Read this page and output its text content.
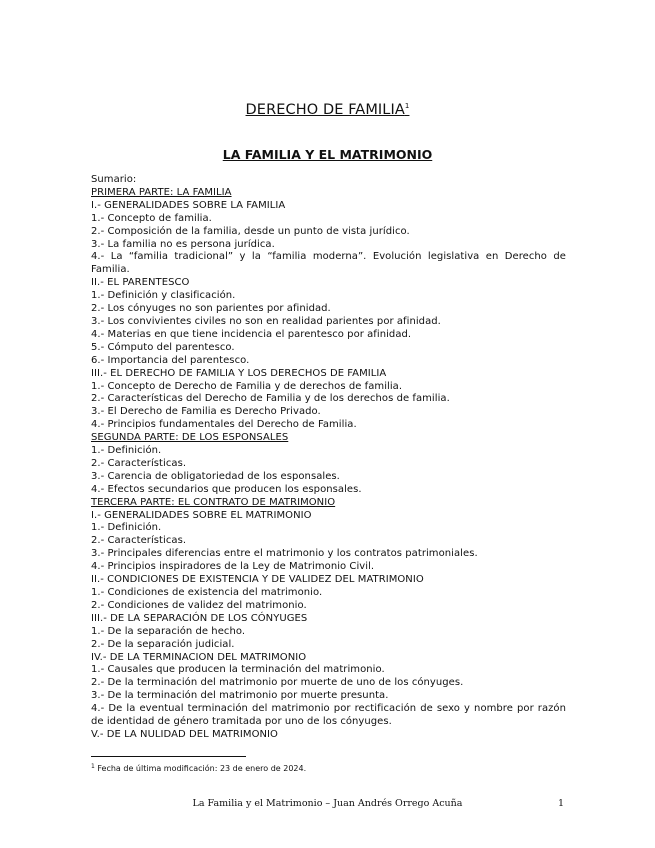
DERECHO DE FAMILIA$^1$
LA FAMILIA Y EL MATRIMONIO
Sumario:
PRIMERA PARTE: LA FAMILIA
I.- GENERALIDADES SOBRE LA FAMILIA
1.- Concepto de familia.
2.- Composición de la familia, desde un punto de vista jurídico.
3.- La familia no es persona jurídica.
4.- La “familia tradicional” y la “familia moderna”. Evolución legislativa en Derecho de Familia.
II.- EL PARENTESCO
1.- Definición y clasificación.
2.- Los cónyuges no son parientes por afinidad.
3.- Los convivientes civiles no son en realidad parientes por afinidad.
4.- Materias en que tiene incidencia el parentesco por afinidad.
5.- Cómputo del parentesco.
6.- Importancia del parentesco.
III.- EL DERECHO DE FAMILIA Y LOS DERECHOS DE FAMILIA
1.- Concepto de Derecho de Familia y de derechos de familia.
2.- Características del Derecho de Familia y de los derechos de familia.
3.- El Derecho de Familia es Derecho Privado.
4.- Principios fundamentales del Derecho de Familia.
SEGUNDA PARTE: DE LOS ESPONSALES
1.- Definición.
2.- Características.
3.- Carencia de obligatoriedad de los esponsales.
4.- Efectos secundarios que producen los esponsales.
TERCERA PARTE: EL CONTRATO DE MATRIMONIO
I.- GENERALIDADES SOBRE EL MATRIMONIO
1.- Definición.
2.- Características.
3.- Principales diferencias entre el matrimonio y los contratos patrimoniales.
4.- Principios inspiradores de la Ley de Matrimonio Civil.
II.- CONDICIONES DE EXISTENCIA Y DE VALIDEZ DEL MATRIMONIO
1.- Condiciones de existencia del matrimonio.
2.- Condiciones de validez del matrimonio.
III.- DE LA SEPARACIÓN DE LOS CÓNYUGES
1.- De la separación de hecho.
2.- De la separación judicial.
IV.- DE LA TERMINACION DEL MATRIMONIO
1.- Causales que producen la terminación del matrimonio.
2.- De la terminación del matrimonio por muerte de uno de los cónyuges.
3.- De la terminación del matrimonio por muerte presunta.
4.- De la eventual terminación del matrimonio por rectificación de sexo y nombre por razón de identidad de género tramitada por uno de los cónyuges.
V.- DE LA NULIDAD DEL MATRIMONIO
$^1$ Fecha de última modificación: 23 de enero de 2024.
La Familia y el Matrimonio – Juan Andrés Orrego Acuña	1
